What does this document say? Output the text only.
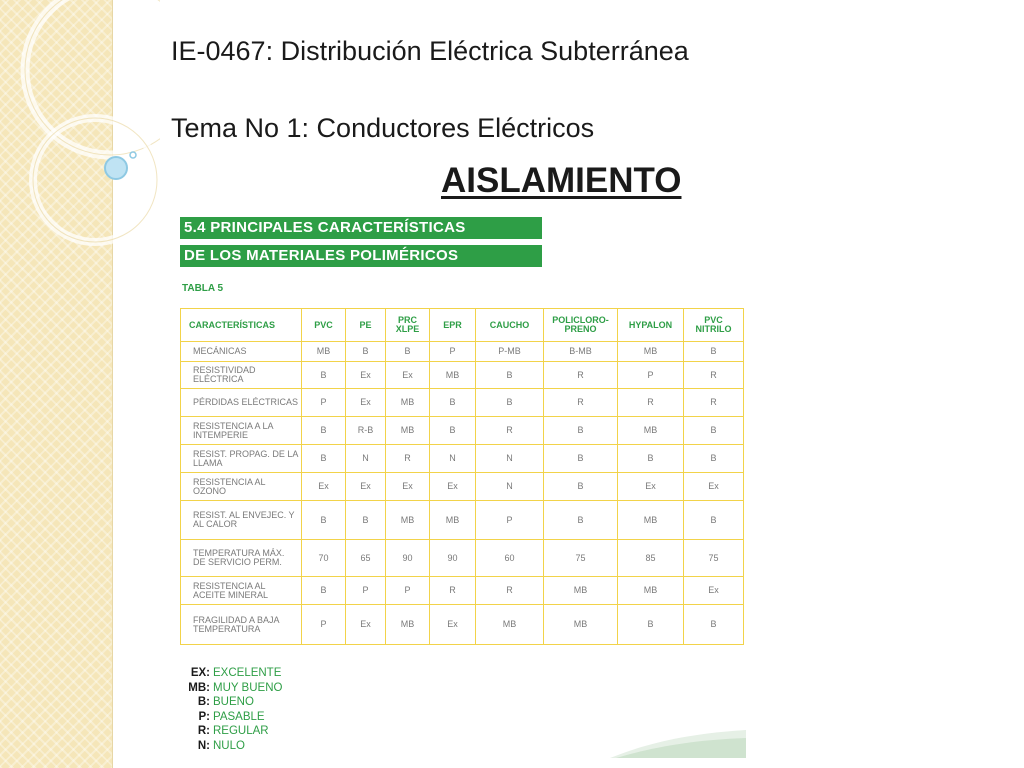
IE-0467: Distribución Eléctrica Subterránea
Tema No 1: Conductores Eléctricos
AISLAMIENTO
5.4 PRINCIPALES CARACTERÍSTICAS
DE LOS MATERIALES POLIMÉRICOS
TABLA 5
CARACTERÍSTICAS	PVC	PE	PRC XLPE	EPR	CAUCHO	POLICLORO-PRENO	HYPALON	PVC NITRILO
MECÁNICAS	MB	B	B	P	P-MB	B-MB	MB	B
RESISTIVIDAD ELÉCTRICA	B	Ex	Ex	MB	B	R	P	R
PÉRDIDAS ELÉCTRICAS	P	Ex	MB	B	B	R	R	R
RESISTENCIA A LA INTEMPERIE	B	R-B	MB	B	R	B	MB	B
RESIST. PROPAG. DE LA LLAMA	B	N	R	N	N	B	B	B
RESISTENCIA AL OZONO	Ex	Ex	Ex	Ex	N	B	Ex	Ex
RESIST. AL ENVEJEC. Y AL CALOR	B	B	MB	MB	P	B	MB	B
TEMPERATURA MÁX. DE SERVICIO PERM.	70	65	90	90	60	75	85	75
RESISTENCIA AL ACEITE MINERAL	B	P	P	R	R	MB	MB	Ex
FRAGILIDAD A BAJA TEMPERATURA	P	Ex	MB	Ex	MB	MB	B	B
EX: EXCELENTE
MB: MUY BUENO
B: BUENO
P: PASABLE
R: REGULAR
N: NULO
